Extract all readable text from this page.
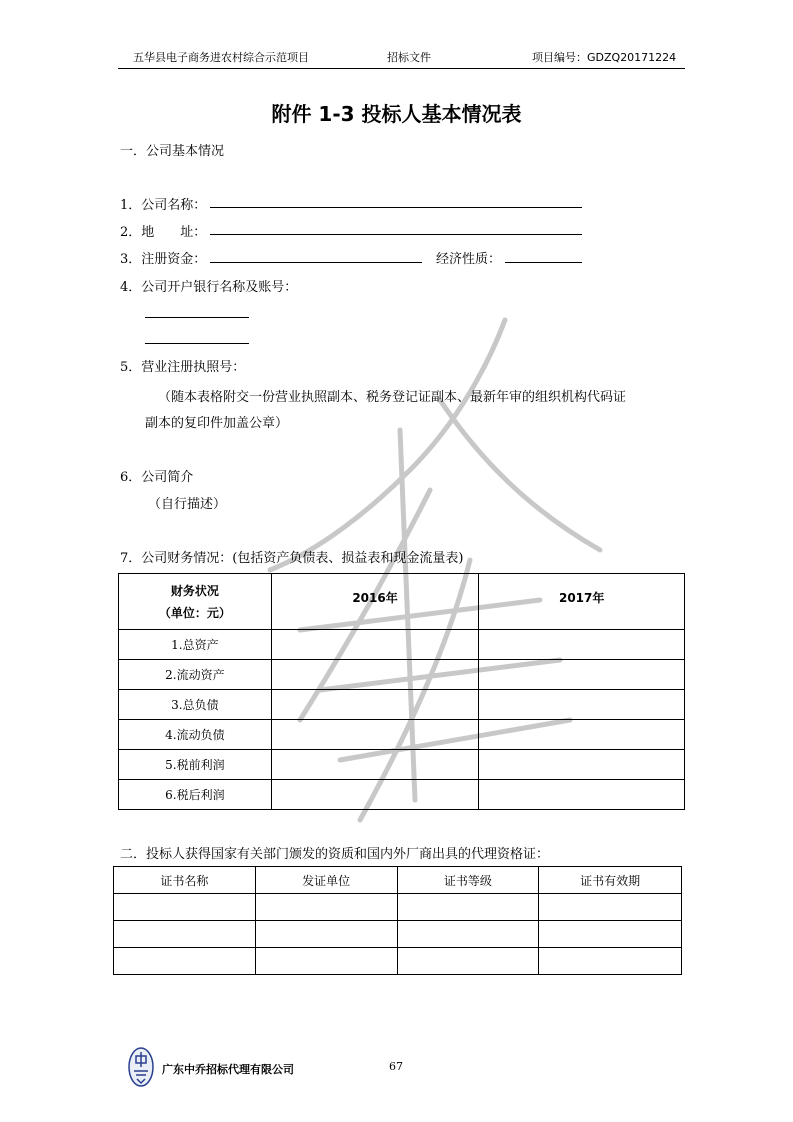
五华县电子商务进农村综合示范项目	招标文件	项目编号：GDZQ20171224
附件 1-3 投标人基本情况表
一．公司基本情况
1．公司名称：
2．地　　址：
3．注册资金：	经济性质：
4．公司开户银行名称及账号：
5．营业注册执照号：
（随本表格附交一份营业执照副本、税务登记证副本、最新年审的组织机构代码证
副本的复印件加盖公章）
6．公司简介
（自行描述）
7．公司财务情况：(包括资产负债表、损益表和现金流量表)
财务状况
（单位：元）	2016年	2017年
1.总资产		
2.流动资产		
3.总负债		
4.流动负债		
5.税前利润		
6.税后利润		
二．投标人获得国家有关部门颁发的资质和国内外厂商出具的代理资格证：
证书名称	发证单位	证书等级	证书有效期

广东中乔招标代理有限公司	67
